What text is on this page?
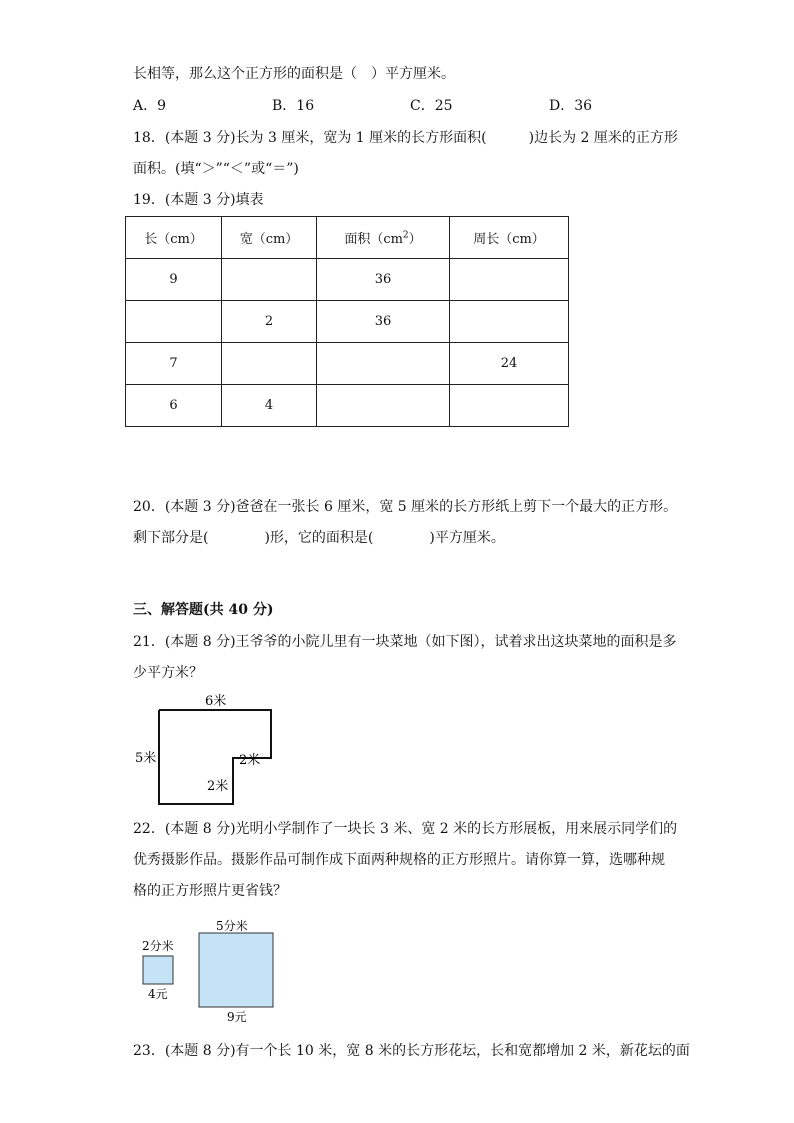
长相等，那么这个正方形的面积是（　）平方厘米。
A．9	B．16	C．25	D．36
18．(本题 3 分)长为 3 厘米，宽为 1 厘米的长方形面积(　　　)边长为 2 厘米的正方形
面积。(填“＞”“＜”或“＝”)
19．(本题 3 分)填表
长（cm）	宽（cm）	面积$(cm^2)$	周长（cm）
9		36	
	2	36	
7			24
6	4		
20．(本题 3 分)爸爸在一张长 6 厘米，宽 5 厘米的长方形纸上剪下一个最大的正方形。
剩下部分是(　　　　)形，它的面积是(　　　　)平方厘米。
三、解答题(共 40 分)
21．(本题 8 分)王爷爷的小院儿里有一块菜地（如下图），试着求出这块菜地的面积是多
少平方米？
6米
5米	2米
2米
22．(本题 8 分)光明小学制作了一块长 3 米、宽 2 米的长方形展板，用来展示同学们的
优秀摄影作品。摄影作品可制作成下面两种规格的正方形照片。请你算一算，选哪种规
格的正方形照片更省钱？
2分米
4元
5分米
9元
23．(本题 8 分)有一个长 10 米，宽 8 米的长方形花坛，长和宽都增加 2 米，新花坛的面
